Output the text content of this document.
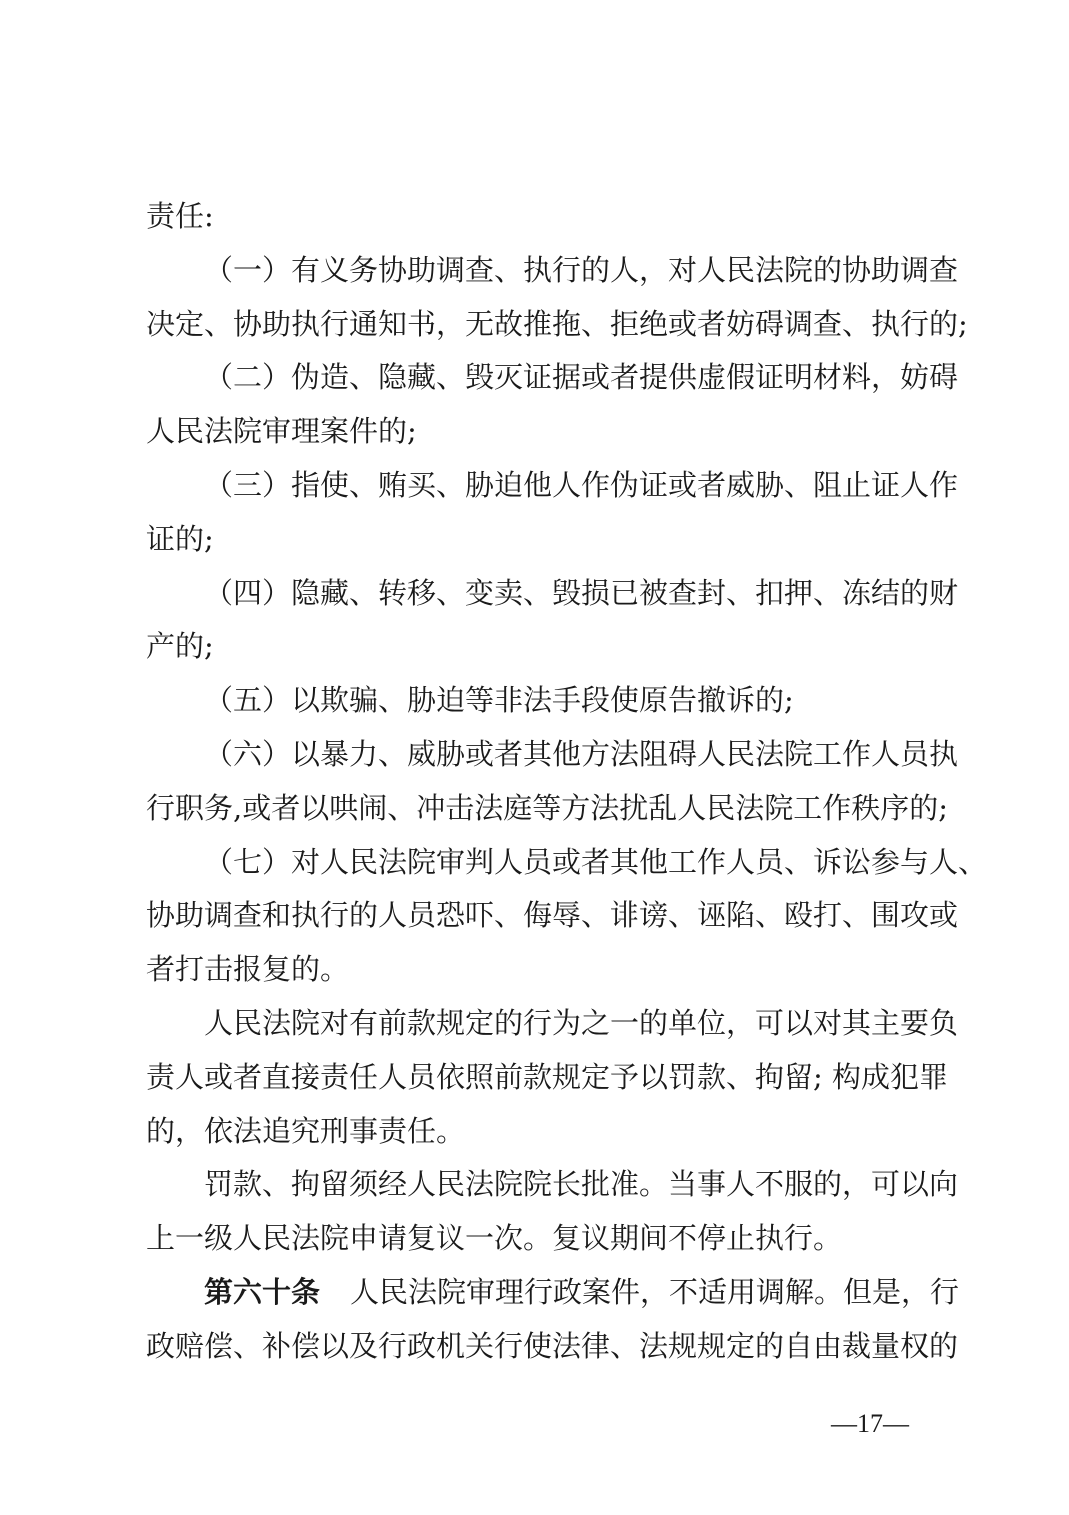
责任:
（一）有义务协助调查、执行的人，对人民法院的协助调查
决定、协助执行通知书，无故推拖、拒绝或者妨碍调查、执行的;
（二）伪造、隐藏、毁灭证据或者提供虚假证明材料，妨碍
人民法院审理案件的;
（三）指使、贿买、胁迫他人作伪证或者威胁、阻止证人作
证的;
（四）隐藏、转移、变卖、毁损已被查封、扣押、冻结的财
产的;
（五）以欺骗、胁迫等非法手段使原告撤诉的;
（六）以暴力、威胁或者其他方法阻碍人民法院工作人员执
行职务,或者以哄闹、冲击法庭等方法扰乱人民法院工作秩序的;
（七）对人民法院审判人员或者其他工作人员、诉讼参与人、
协助调查和执行的人员恐吓、侮辱、诽谤、诬陷、殴打、围攻或
者打击报复的。
人民法院对有前款规定的行为之一的单位，可以对其主要负
责人或者直接责任人员依照前款规定予以罚款、拘留; 构成犯罪
的，依法追究刑事责任。
罚款、拘留须经人民法院院长批准。当事人不服的，可以向
上一级人民法院申请复议一次。复议期间不停止执行。
第六十条 人民法院审理行政案件，不适用调解。但是，行
政赔偿、补偿以及行政机关行使法律、法规规定的自由裁量权的
—17—
